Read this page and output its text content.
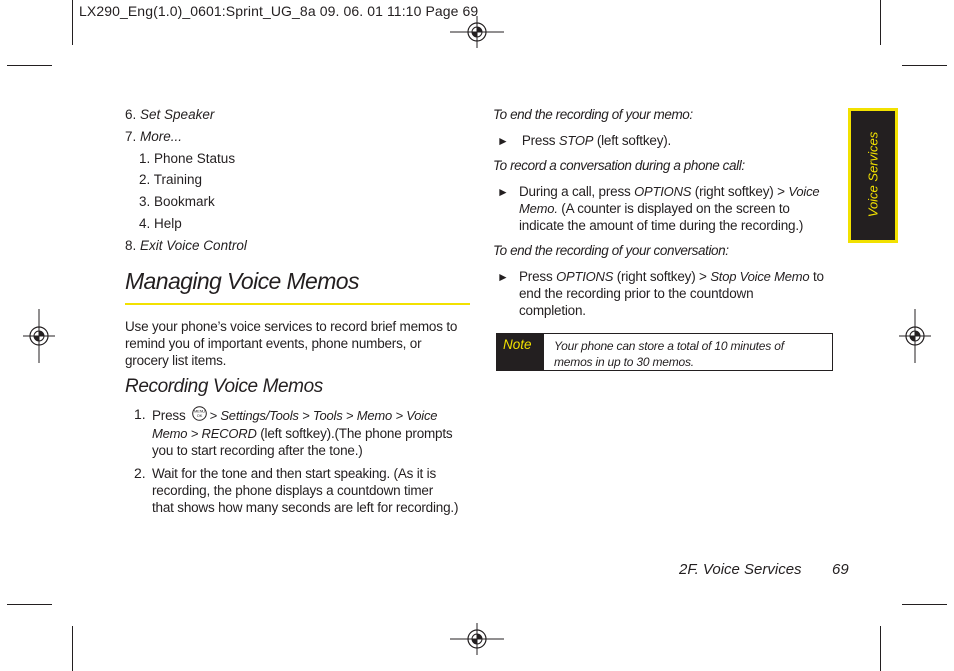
LX290_Eng(1.0)_0601:Sprint_UG_8a 09. 06. 01 11:10 Page 69
6. Set Speaker
7. More...
1. Phone Status
2. Training
3. Bookmark
4. Help
8. Exit Voice Control
Managing Voice Memos
Use your phone’s voice services to record brief memos to
remind you of important events, phone numbers, or
grocery list items.
Recording Voice Memos
1. Press MENU
OK > Settings/Tools > Tools > Memo > Voice
Memo > RECORD (left softkey).(The phone prompts
you to start recording after the tone.)
2. Wait for the tone and then start speaking. (As it is
recording, the phone displays a countdown timer
that shows how many seconds are left for recording.)
To end the recording of your memo:
► Press STOP (left softkey).
To record a conversation during a phone call:
► During a call, press OPTIONS (right softkey) > Voice
Memo. (A counter is displayed on the screen to
indicate the amount of time during the recording.)
To end the recording of your conversation:
► Press OPTIONS (right softkey) > Stop Voice Memo to
end the recording prior to the countdown
completion.
Note	Your phone can store a total of 10 minutes of
memos in up to 30 memos.
Voice Services
2F. Voice Services 69
